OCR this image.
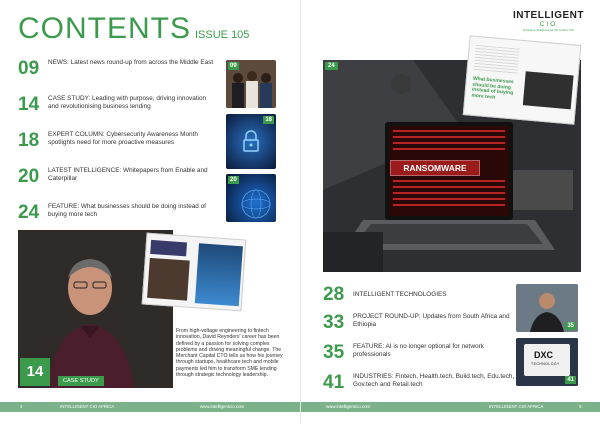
CONTENTS ISSUE 105
09 NEWS: Latest news round-up from across the Middle East
14 CASE STUDY: Leading with purpose, driving innovation and revolutionising business lending
18 EXPERT COLUMN: Cybersecurity Awareness Month spotlights need for more proactive measures
20 LATEST INTELLIGENCE: Whitepapers from Enable and Caterpillar
24 FEATURE: What businesses should be doing instead of buying more tech
09
18
20
From high-voltage engineering to fintech innovation, David Reynders' career has been defined by a passion for solving complex problems and driving meaningful change. The Merchant Capital CTO tells us how his journey through startups, healthcare tech and mobile payments led him to transform SME lending through strategic technology leadership.
14
CASE STUDY
4	INTELLIGENT CIO AFRICA	www.intelligentcio.com
INTELLIGENT
CIO
Providing intelligence for the modern CIO
www.intelligentcio.com	INTELLIGENT CIO AFRICA	5
24
RANSOMWARE
What businesses should be doing instead of buying more tech
28 INTELLIGENT TECHNOLOGIES
33 PROJECT ROUND-UP: Updates from South Africa and Ethiopia
35 FEATURE: AI is no longer optional for network professionals
41 INDUSTRIES: Fintech, Health.tech, Build.tech, Edu.tech, Gov.tech and Retail.tech
35
DXC
TECHNOLOGY
41
